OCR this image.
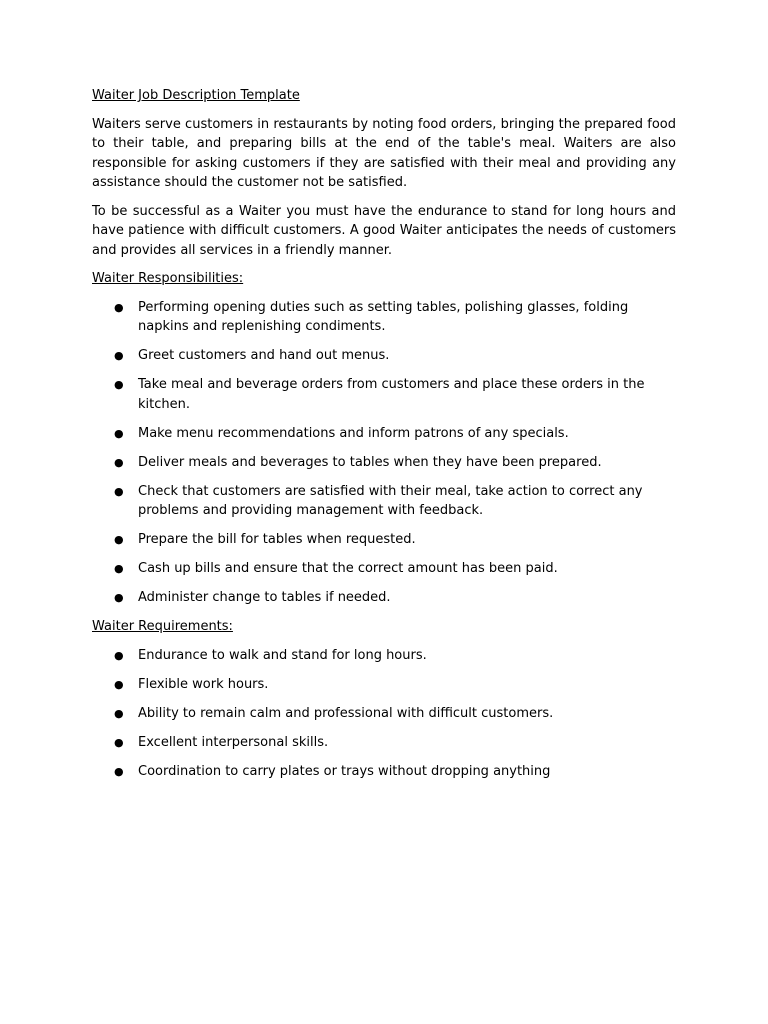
Waiter Job Description Template

Waiters serve customers in restaurants by noting food orders, bringing the prepared food to their table, and preparing bills at the end of the table's meal. Waiters are also responsible for asking customers if they are satisfied with their meal and providing any assistance should the customer not be satisfied.

To be successful as a Waiter you must have the endurance to stand for long hours and have patience with difficult customers. A good Waiter anticipates the needs of customers and provides all services in a friendly manner.

Waiter Responsibilities:
● Performing opening duties such as setting tables, polishing glasses, folding napkins and replenishing condiments.
● Greet customers and hand out menus.
● Take meal and beverage orders from customers and place these orders in the kitchen.
● Make menu recommendations and inform patrons of any specials.
● Deliver meals and beverages to tables when they have been prepared.
● Check that customers are satisfied with their meal, take action to correct any problems and providing management with feedback.
● Prepare the bill for tables when requested.
● Cash up bills and ensure that the correct amount has been paid.
● Administer change to tables if needed.
Waiter Requirements:
● Endurance to walk and stand for long hours.
● Flexible work hours.
● Ability to remain calm and professional with difficult customers.
● Excellent interpersonal skills.
● Coordination to carry plates or trays without dropping anything
